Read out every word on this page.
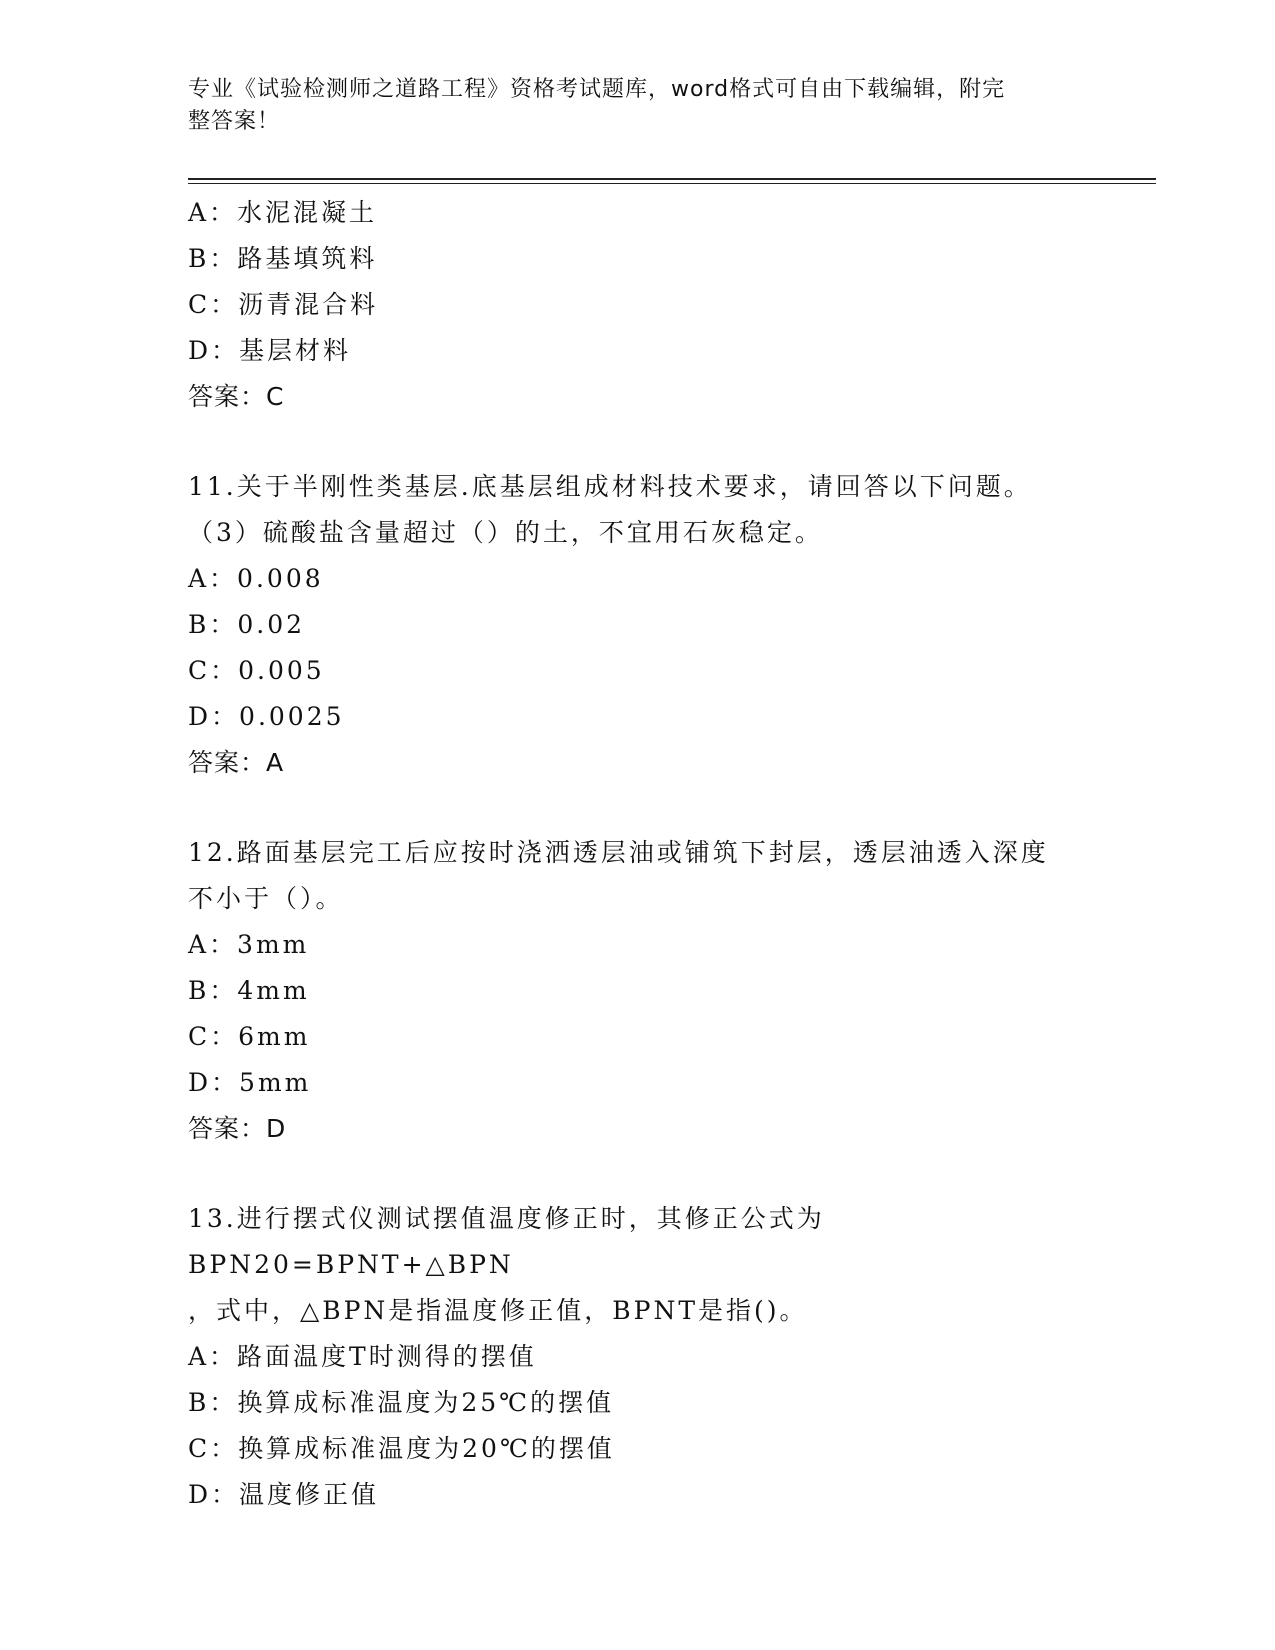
专业《试验检测师之道路工程》资格考试题库，word格式可自由下载编辑，附完
整答案！
A：水泥混凝土
B：路基填筑料
C：沥青混合料
D：基层材料
答案：C
11.关于半刚性类基层.底基层组成材料技术要求，请回答以下问题。
（3）硫酸盐含量超过（）的土，不宜用石灰稳定。
A：0.008
B：0.02
C：0.005
D：0.0025
答案：A
12.路面基层完工后应按时浇洒透层油或铺筑下封层，透层油透入深度
不小于（）。
A：3mm
B：4mm
C：6mm
D：5mm
答案：D
13.进行摆式仪测试摆值温度修正时，其修正公式为BPN20=BPNT+△BPN
，式中，△BPN是指温度修正值，BPNT是指()。
A：路面温度T时测得的摆值
B：换算成标准温度为25℃的摆值
C：换算成标准温度为20℃的摆值
D：温度修正值
